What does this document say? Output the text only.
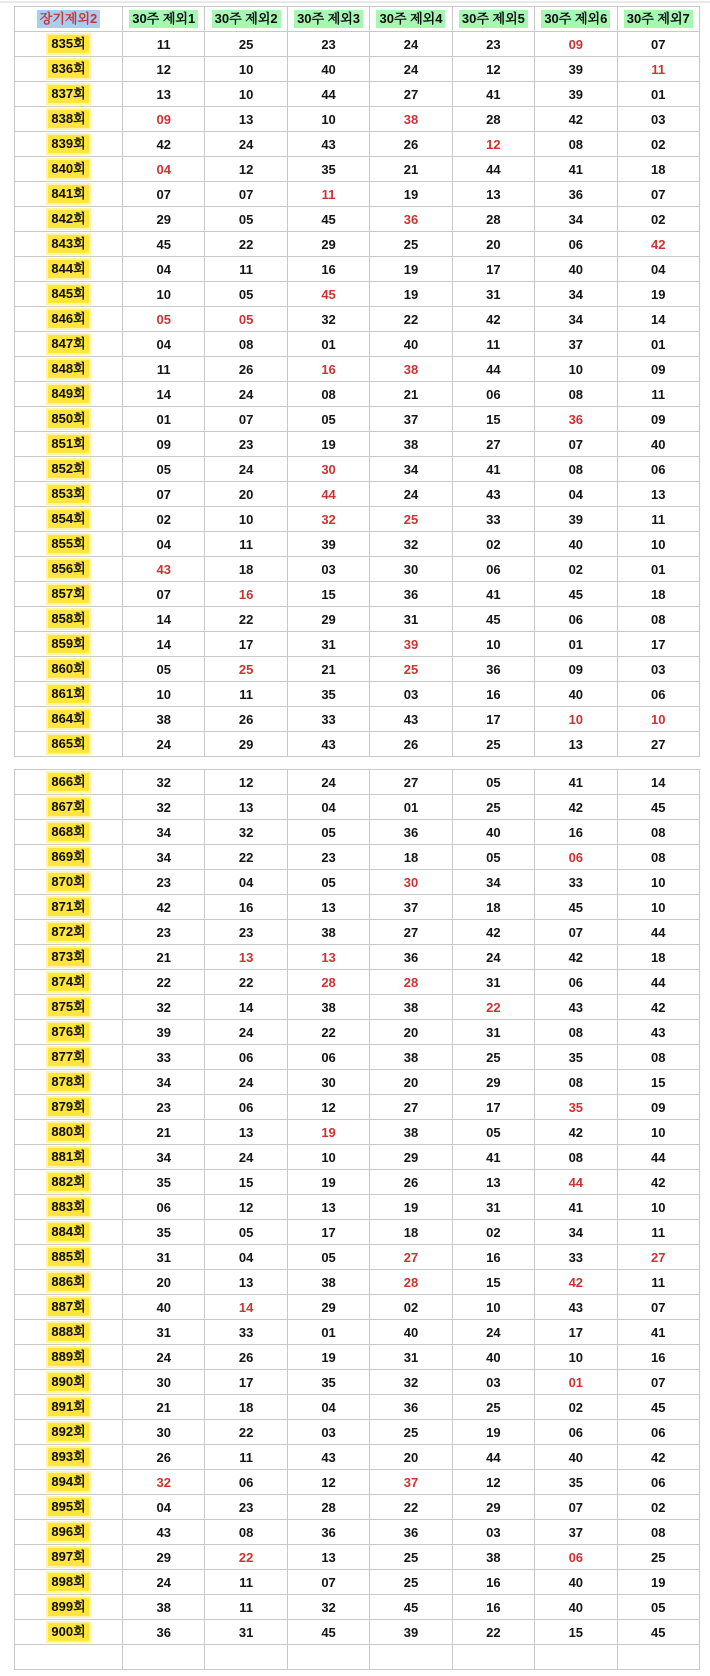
장기제외2	30주 제외1	30주 제외2	30주 제외3	30주 제외4	30주 제외5	30주 제외6	30주 제외7
835회	11	25	23	24	23	09	07
836회	12	10	40	24	12	39	11
837회	13	10	44	27	41	39	01
838회	09	13	10	38	28	42	03
839회	42	24	43	26	12	08	02
840회	04	12	35	21	44	41	18
841회	07	07	11	19	13	36	07
842회	29	05	45	36	28	34	02
843회	45	22	29	25	20	06	42
844회	04	11	16	19	17	40	04
845회	10	05	45	19	31	34	19
846회	05	05	32	22	42	34	14
847회	04	08	01	40	11	37	01
848회	11	26	16	38	44	10	09
849회	14	24	08	21	06	08	11
850회	01	07	05	37	15	36	09
851회	09	23	19	38	27	07	40
852회	05	24	30	34	41	08	06
853회	07	20	44	24	43	04	13
854회	02	10	32	25	33	39	11
855회	04	11	39	32	02	40	10
856회	43	18	03	30	06	02	01
857회	07	16	15	36	41	45	18
858회	14	22	29	31	45	06	08
859회	14	17	31	39	10	01	17
860회	05	25	21	25	36	09	03
861회	10	11	35	03	16	40	06
864회	38	26	33	43	17	10	10
865회	24	29	43	26	25	13	27
866회	32	12	24	27	05	41	14
867회	32	13	04	01	25	42	45
868회	34	32	05	36	40	16	08
869회	34	22	23	18	05	06	08
870회	23	04	05	30	34	33	10
871회	42	16	13	37	18	45	10
872회	23	23	38	27	42	07	44
873회	21	13	13	36	24	42	18
874회	22	22	28	28	31	06	44
875회	32	14	38	38	22	43	42
876회	39	24	22	20	31	08	43
877회	33	06	06	38	25	35	08
878회	34	24	30	20	29	08	15
879회	23	06	12	27	17	35	09
880회	21	13	19	38	05	42	10
881회	34	24	10	29	41	08	44
882회	35	15	19	26	13	44	42
883회	06	12	13	19	31	41	10
884회	35	05	17	18	02	34	11
885회	31	04	05	27	16	33	27
886회	20	13	38	28	15	42	11
887회	40	14	29	02	10	43	07
888회	31	33	01	40	24	17	41
889회	24	26	19	31	40	10	16
890회	30	17	35	32	03	01	07
891회	21	18	04	36	25	02	45
892회	30	22	03	25	19	06	06
893회	26	11	43	20	44	40	42
894회	32	06	12	37	12	35	06
895회	04	23	28	22	29	07	02
896회	43	08	36	36	03	37	08
897회	29	22	13	25	38	06	25
898회	24	11	07	25	16	40	19
899회	38	11	32	45	16	40	05
900회	36	31	45	39	22	15	45
